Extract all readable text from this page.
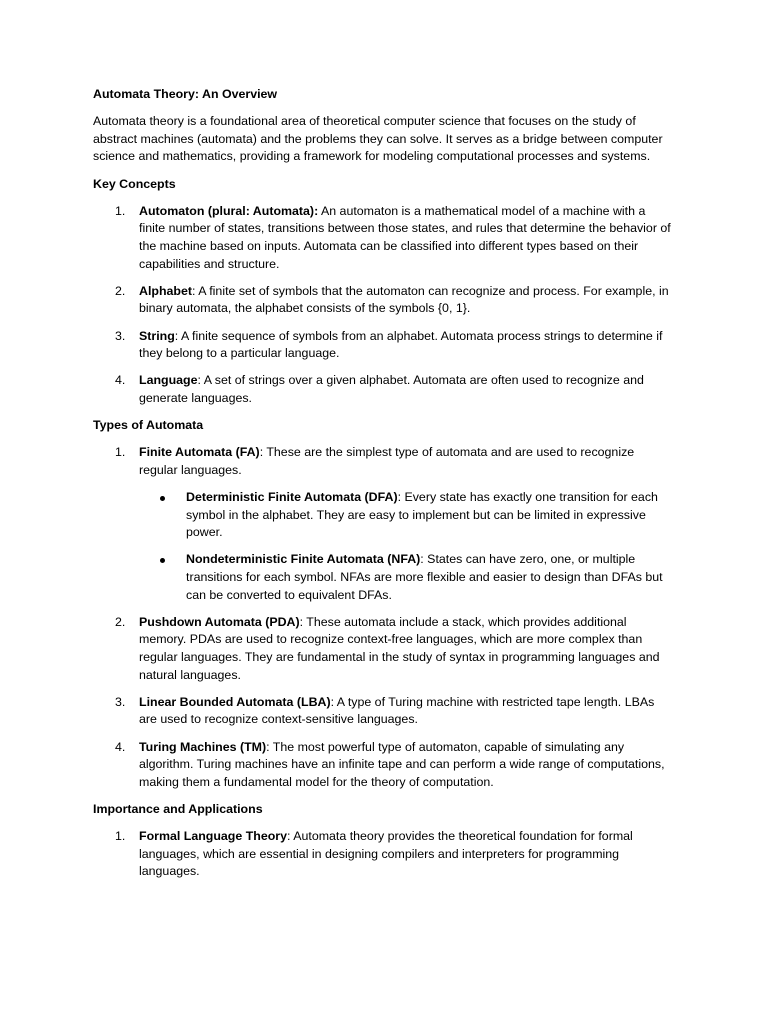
Automata Theory: An Overview
Automata theory is a foundational area of theoretical computer science that focuses on the study of abstract machines (automata) and the problems they can solve. It serves as a bridge between computer science and mathematics, providing a framework for modeling computational processes and systems.
Key Concepts
1. Automaton (plural: Automata): An automaton is a mathematical model of a machine with a finite number of states, transitions between those states, and rules that determine the behavior of the machine based on inputs. Automata can be classified into different types based on their capabilities and structure.
2. Alphabet: A finite set of symbols that the automaton can recognize and process. For example, in binary automata, the alphabet consists of the symbols {0, 1}.
3. String: A finite sequence of symbols from an alphabet. Automata process strings to determine if they belong to a particular language.
4. Language: A set of strings over a given alphabet. Automata are often used to recognize and generate languages.
Types of Automata
1. Finite Automata (FA): These are the simplest type of automata and are used to recognize regular languages.
Deterministic Finite Automata (DFA): Every state has exactly one transition for each symbol in the alphabet. They are easy to implement but can be limited in expressive power.
Nondeterministic Finite Automata (NFA): States can have zero, one, or multiple transitions for each symbol. NFAs are more flexible and easier to design than DFAs but can be converted to equivalent DFAs.
2. Pushdown Automata (PDA): These automata include a stack, which provides additional memory. PDAs are used to recognize context-free languages, which are more complex than regular languages. They are fundamental in the study of syntax in programming languages and natural languages.
3. Linear Bounded Automata (LBA): A type of Turing machine with restricted tape length. LBAs are used to recognize context-sensitive languages.
4. Turing Machines (TM): The most powerful type of automaton, capable of simulating any algorithm. Turing machines have an infinite tape and can perform a wide range of computations, making them a fundamental model for the theory of computation.
Importance and Applications
1. Formal Language Theory: Automata theory provides the theoretical foundation for formal languages, which are essential in designing compilers and interpreters for programming languages.
